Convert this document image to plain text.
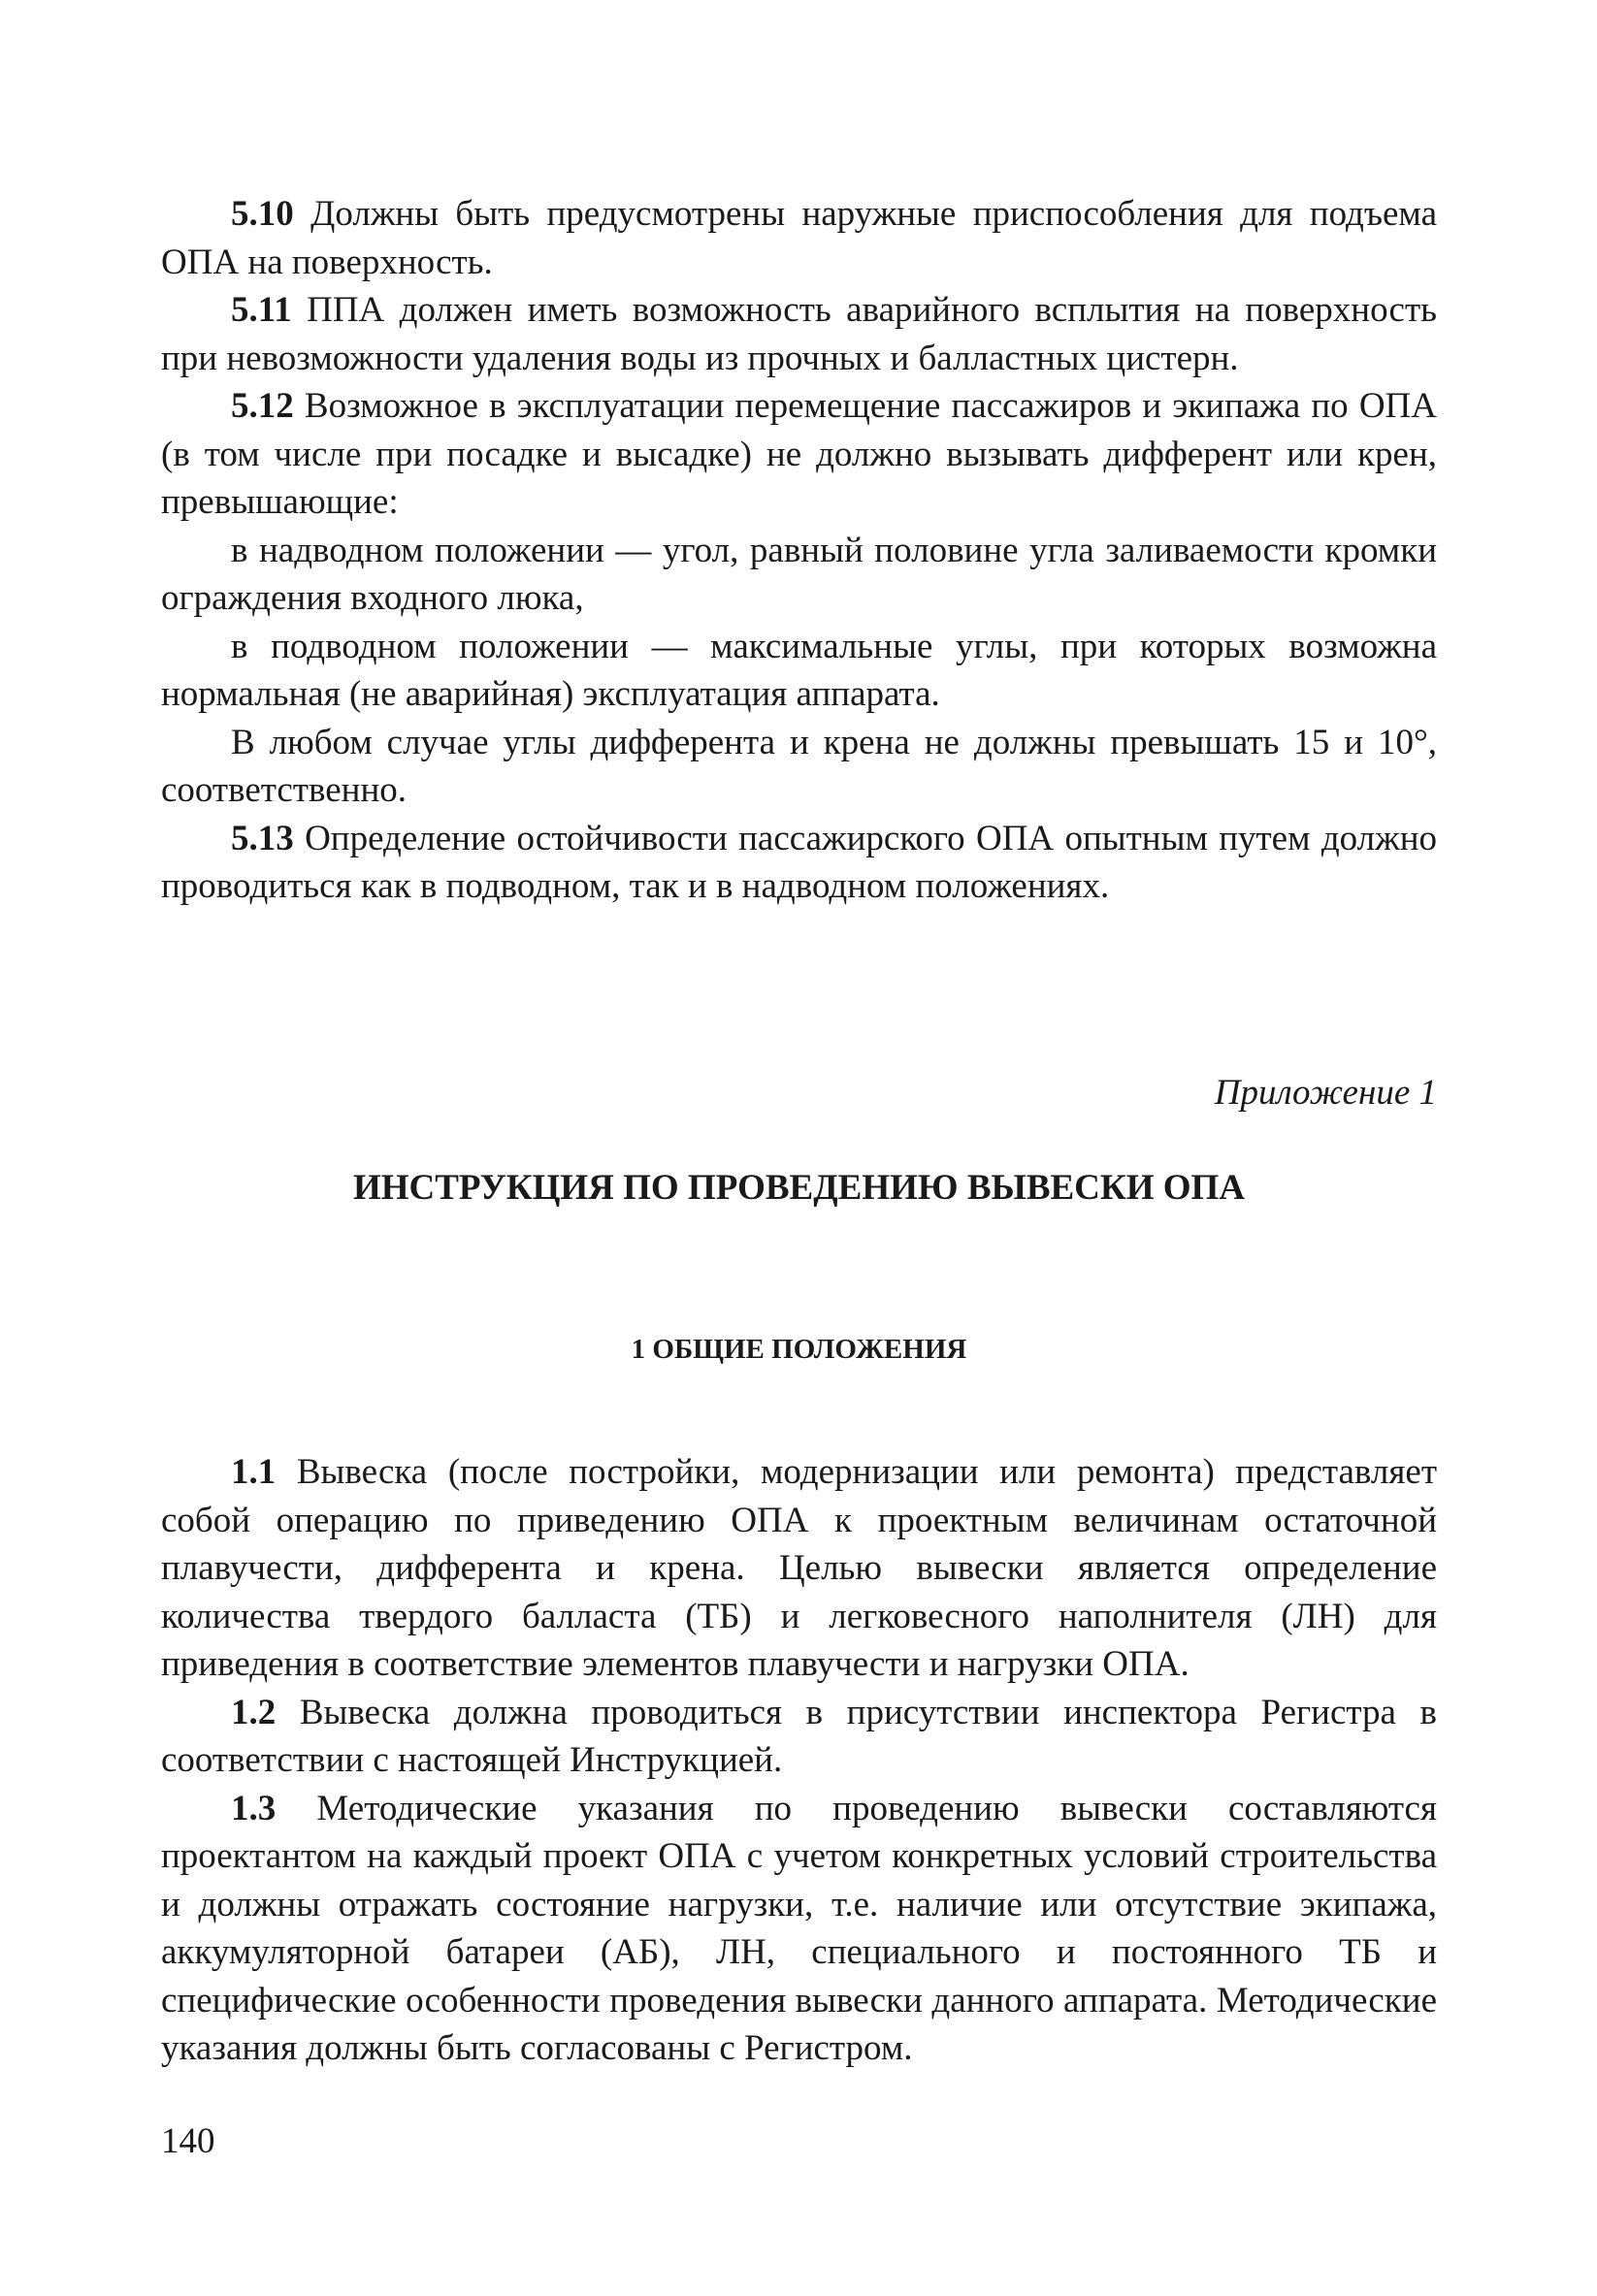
5.10 Должны быть предусмотрены наружные приспособления для подъема ОПА на поверхность.

5.11 ППА должен иметь возможность аварийного всплытия на поверхность при невозможности удаления воды из прочных и балластных цистерн.

5.12 Возможное в эксплуатации перемещение пассажиров и экипажа по ОПА (в том числе при посадке и высадке) не должно вызывать дифферент или крен, превышающие:

в надводном положении — угол, равный половине угла заливаемости кромки ограждения входного люка,

в подводном положении — максимальные углы, при которых возможна нормальная (не аварийная) эксплуатация аппарата.

В любом случае углы дифферента и крена не должны превышать 15 и 10°, соответственно.

5.13 Определение остойчивости пассажирского ОПА опытным путем должно проводиться как в подводном, так и в надводном положениях.

Приложение 1
ИНСТРУКЦИЯ ПО ПРОВЕДЕНИЮ ВЫВЕСКИ ОПА
1 ОБЩИЕ ПОЛОЖЕНИЯ

1.1 Вывеска (после постройки, модернизации или ремонта) представляет собой операцию по приведению ОПА к проектным величинам остаточной плавучести, дифферента и крена. Целью вывески является определение количества твердого балласта (ТБ) и легковесного наполнителя (ЛН) для приведения в соответствие элементов плавучести и нагрузки ОПА.

1.2 Вывеска должна проводиться в присутствии инспектора Регистра в соответствии с настоящей Инструкцией.

1.3 Методические указания по проведению вывески составляются проектантом на каждый проект ОПА с учетом конкретных условий строительства и должны отражать состояние нагрузки, т.е. наличие или отсутствие экипажа, аккумуляторной батареи (АБ), ЛН, специального и постоянного ТБ и специфические особенности проведения вывески данного аппарата. Методические указания должны быть согласованы с Регистром.

140
